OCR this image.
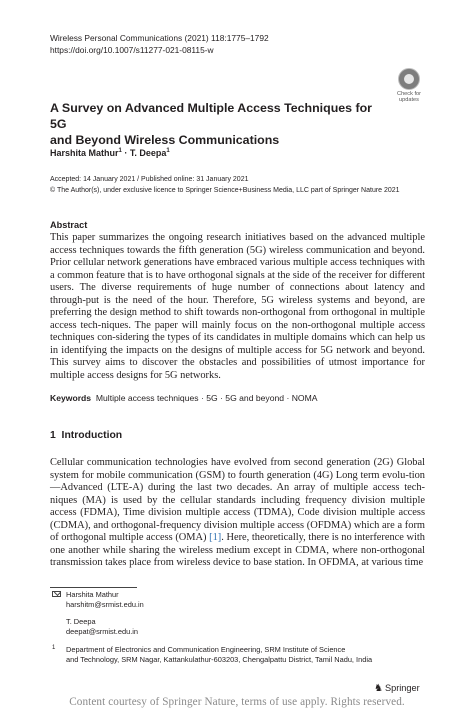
Wireless Personal Communications (2021) 118:1775–1792
https://doi.org/10.1007/s11277-021-08115-w
Check for
updates
A Survey on Advanced Multiple Access Techniques for 5G
and Beyond Wireless Communications
Harshita Mathur$^1$ · T. Deepa$^1$
Accepted: 14 January 2021 / Published online: 31 January 2021
© The Author(s), under exclusive licence to Springer Science+Business Media, LLC part of Springer Nature 2021
Abstract

This paper summarizes the ongoing research initiatives based on the advanced multiple access techniques towards the fifth generation (5G) wireless communication and beyond. Prior cellular network generations have embraced various multiple access techniques with a common feature that is to have orthogonal signals at the side of the receiver for different users. The diverse requirements of huge number of connections about latency and through-put is the need of the hour. Therefore, 5G wireless systems and beyond, are preferring the design method to shift towards non-orthogonal from orthogonal in multiple access tech-niques. The paper will mainly focus on the non-orthogonal multiple access techniques con-sidering the types of its candidates in multiple domains which can help us in identifying the impacts on the designs of multiple access for 5G network and beyond. This survey aims to discover the obstacles and possibilities of utmost importance for multiple access designs for 5G networks.

Keywords Multiple access techniques · 5G · 5G and beyond · NOMA
1  Introduction

Cellular communication technologies have evolved from second generation (2G) Global system for mobile communication (GSM) to fourth generation (4G) Long term evolu-tion—Advanced (LTE-A) during the last two decades. An array of multiple access tech-niques (MA) is used by the cellular standards including frequency division multiple access (FDMA), Time division multiple access (TDMA), Code division multiple access (CDMA), and orthogonal-frequency division multiple access (OFDMA) which are a form of orthogonal multiple access (OMA) [1]. Here, theoretically, there is no interference with one another while sharing the wireless medium except in CDMA, where non-orthogonal transmission takes place from wireless device to base station. In OFDMA, at various time

Harshita Mathur
harshitm@srmist.edu.in
T. Deepa
deepat@srmist.edu.in
1 Department of Electronics and Communication Engineering, SRM Institute of Science
and Technology, SRM Nagar, Kattankulathur-603203, Chengalpattu District, Tamil Nadu, India
♞ Springer
Content courtesy of Springer Nature, terms of use apply. Rights reserved.
